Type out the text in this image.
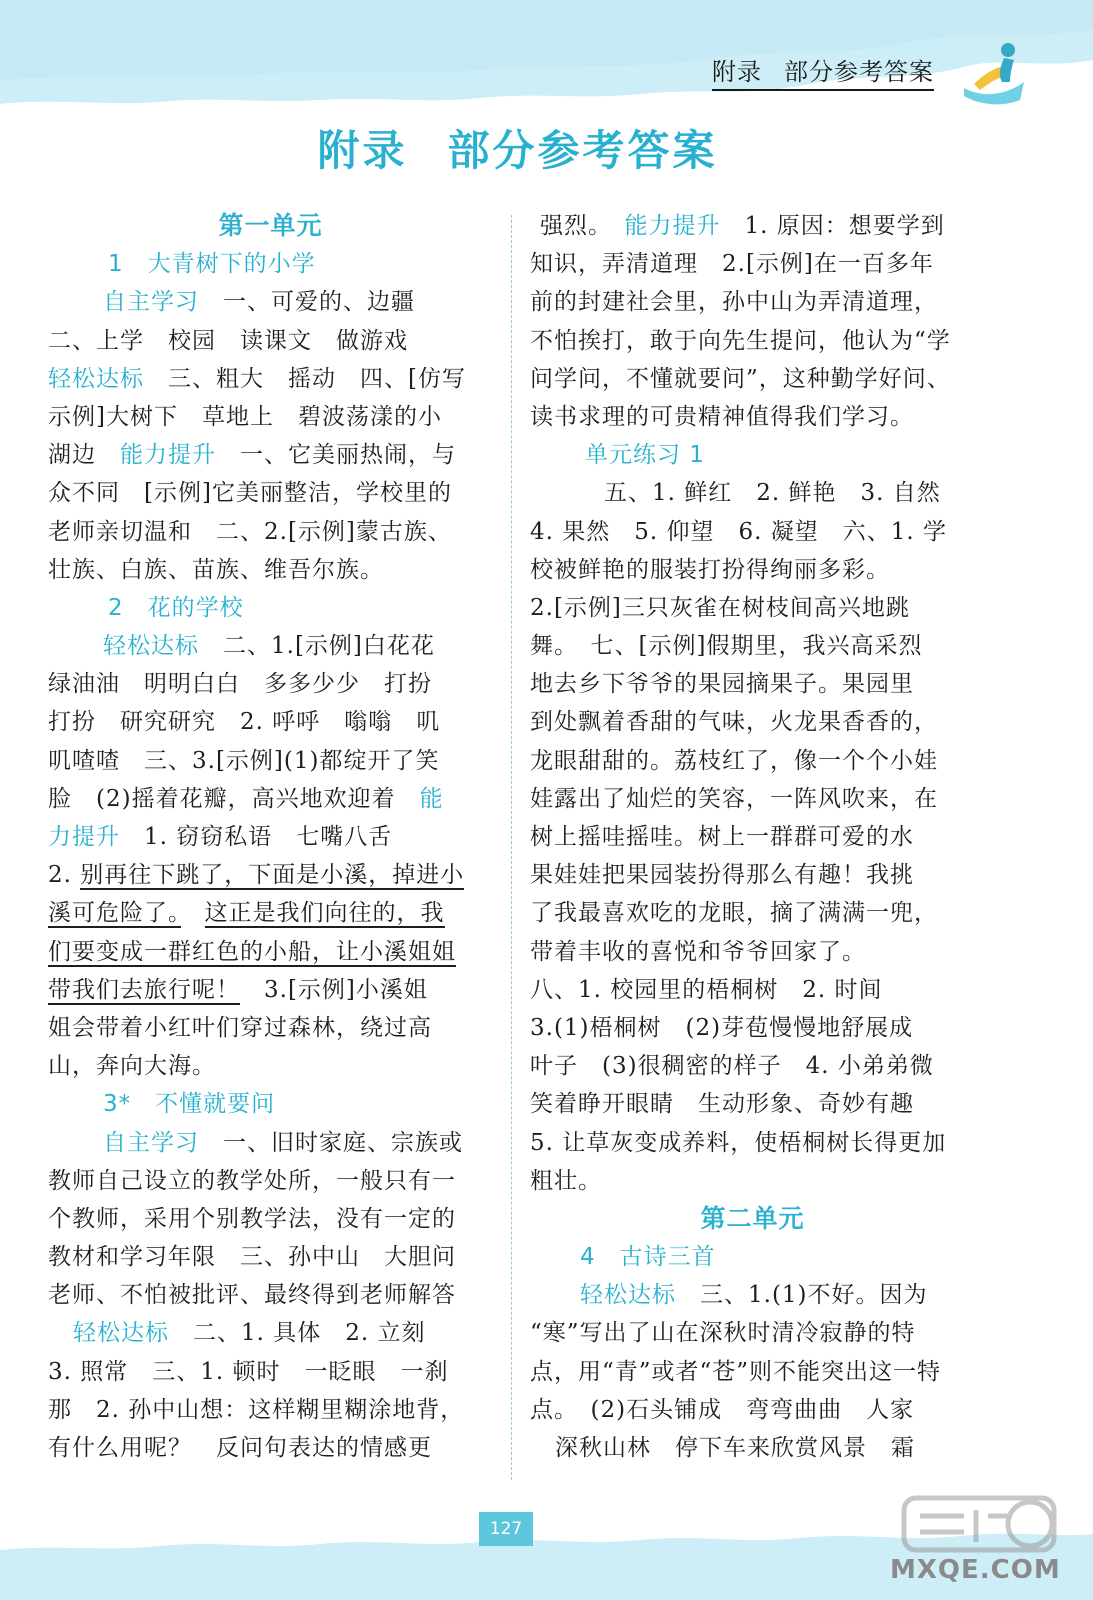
附录 部分参考答案
附录 部分参考答案
第一单元
1　大青树下的小学
自主学习　一、可爱的、边疆
二、上学　校园　读课文　做游戏
轻松达标　三、粗大　摇动　四、[仿写
示例]大树下　草地上　碧波荡漾的小
湖边　能力提升　一、它美丽热闹，与
众不同　[示例]它美丽整洁，学校里的
老师亲切温和　二、2.[示例]蒙古族、
壮族、白族、苗族、维吾尔族。
2　花的学校
轻松达标　二、1.[示例]白花花
绿油油　明明白白　多多少少　打扮
打扮　研究研究　2. 呼呼　嗡嗡　叽
叽喳喳　三、3.[示例](1)都绽开了笑
脸　(2)摇着花瓣，高兴地欢迎着　能
力提升　1. 窃窃私语　七嘴八舌
2. 别再往下跳了，下面是小溪，掉进小
溪可危险了。　 这正是我们向往的，我
们要变成一群红色的小船，让小溪姐姐
带我们去旅行呢！　3.[示例]小溪姐
姐会带着小红叶们穿过森林，绕过高
山，奔向大海。
3*　不懂就要问
自主学习　一、旧时家庭、宗族或
教师自己设立的教学处所，一般只有一
个教师，采用个别教学法，没有一定的
教材和学习年限　三、孙中山　大胆问
老师、不怕被批评、最终得到老师解答
轻松达标　二、1. 具体　2. 立刻
3. 照常　三、1. 顿时　一眨眼　一刹
那　2. 孙中山想：这样糊里糊涂地背，
有什么用呢？　反问句表达的情感更
强烈。　能力提升　1. 原因：想要学到
知识，弄清道理　2.[示例]在一百多年
前的封建社会里，孙中山为弄清道理，
不怕挨打，敢于向先生提问，他认为“学
问学问，不懂就要问”，这种勤学好问、
读书求理的可贵精神值得我们学习。
单元练习 1
　五、1. 鲜红　2. 鲜艳　3. 自然
4. 果然　5. 仰望　6. 凝望　六、1. 学
校被鲜艳的服装打扮得绚丽多彩。
2.[示例]三只灰雀在树枝间高兴地跳
舞。　七、[示例]假期里，我兴高采烈
地去乡下爷爷的果园摘果子。果园里
到处飘着香甜的气味，火龙果香香的，
龙眼甜甜的。荔枝红了，像一个个小娃
娃露出了灿烂的笑容，一阵风吹来，在
树上摇哇摇哇。树上一群群可爱的水
果娃娃把果园装扮得那么有趣！我挑
了我最喜欢吃的龙眼，摘了满满一兜，
带着丰收的喜悦和爷爷回家了。
八、1. 校园里的梧桐树　2. 时间
3.(1)梧桐树　(2)芽苞慢慢地舒展成
叶子　(3)很稠密的样子　4. 小弟弟微
笑着睁开眼睛　生动形象、奇妙有趣
5. 让草灰变成养料，使梧桐树长得更加
粗壮。
第二单元
4　古诗三首
轻松达标　三、1.(1)不好。因为
“寒”写出了山在深秋时清冷寂静的特
点，用“青”或者“苍”则不能突出这一特
点。　(2)石头铺成　弯弯曲曲　人家
深秋山林　停下车来欣赏风景　霜
127
MXQE.COM
